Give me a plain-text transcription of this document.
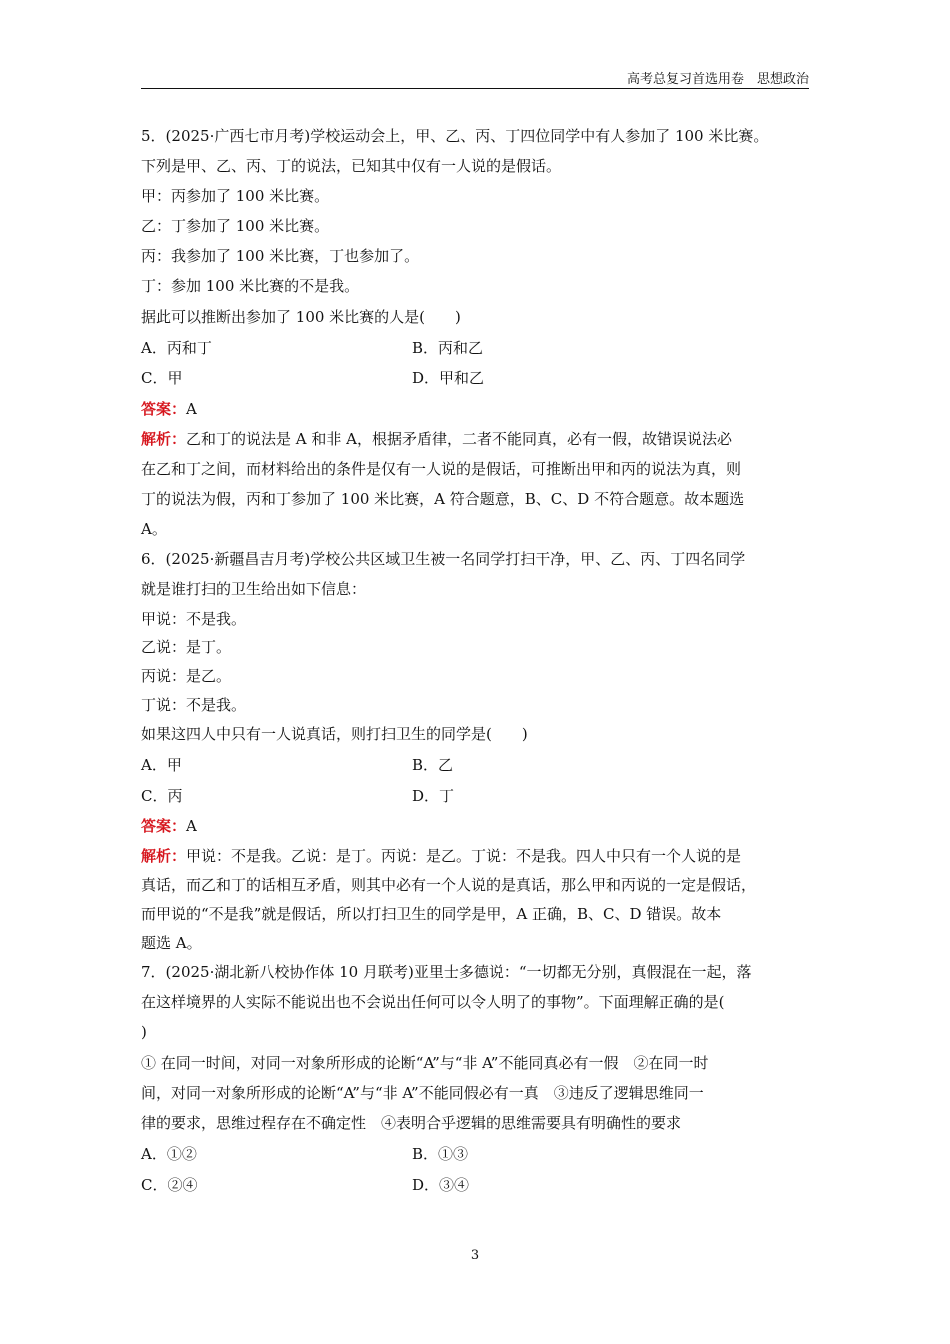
高考总复习首选用卷　思想政治
5．(2025·广西七市月考)学校运动会上，甲、乙、丙、丁四位同学中有人参加了 100 米比赛。
下列是甲、乙、丙、丁的说法，已知其中仅有一人说的是假话。
甲：丙参加了 100 米比赛。
乙：丁参加了 100 米比赛。
丙：我参加了 100 米比赛，丁也参加了。
丁：参加 100 米比赛的不是我。
据此可以推断出参加了 100 米比赛的人是(　　)
A．丙和丁	B．丙和乙
C．甲	D．甲和乙
答案：A
解析：乙和丁的说法是 A 和非 A，根据矛盾律，二者不能同真，必有一假，故错误说法必
在乙和丁之间，而材料给出的条件是仅有一人说的是假话，可推断出甲和丙的说法为真，则
丁的说法为假，丙和丁参加了 100 米比赛，A 符合题意，B、C、D 不符合题意。故本题选
A。
6．(2025·新疆昌吉月考)学校公共区域卫生被一名同学打扫干净，甲、乙、丙、丁四名同学
就是谁打扫的卫生给出如下信息：
甲说：不是我。
乙说：是丁。
丙说：是乙。
丁说：不是我。
如果这四人中只有一人说真话，则打扫卫生的同学是(　　)
A．甲	B．乙
C．丙	D．丁
答案：A
解析：甲说：不是我。乙说：是丁。丙说：是乙。丁说：不是我。四人中只有一个人说的是
真话，而乙和丁的话相互矛盾，则其中必有一个人说的是真话，那么甲和丙说的一定是假话，
而甲说的“不是我”就是假话，所以打扫卫生的同学是甲，A 正确，B、C、D 错误。故本
题选 A。
7．(2025·湖北新八校协作体 10 月联考)亚里士多德说：“一切都无分别，真假混在一起，落
在这样境界的人实际不能说出也不会说出任何可以令人明了的事物”。下面理解正确的是(
)
① 在同一时间，对同一对象所形成的论断“A”与“非 A”不能同真必有一假　②在同一时
间，对同一对象所形成的论断“A”与“非 A”不能同假必有一真　③违反了逻辑思维同一
律的要求，思维过程存在不确定性　④表明合乎逻辑的思维需要具有明确性的要求
A．①②	B．①③
C．②④	D．③④
3
